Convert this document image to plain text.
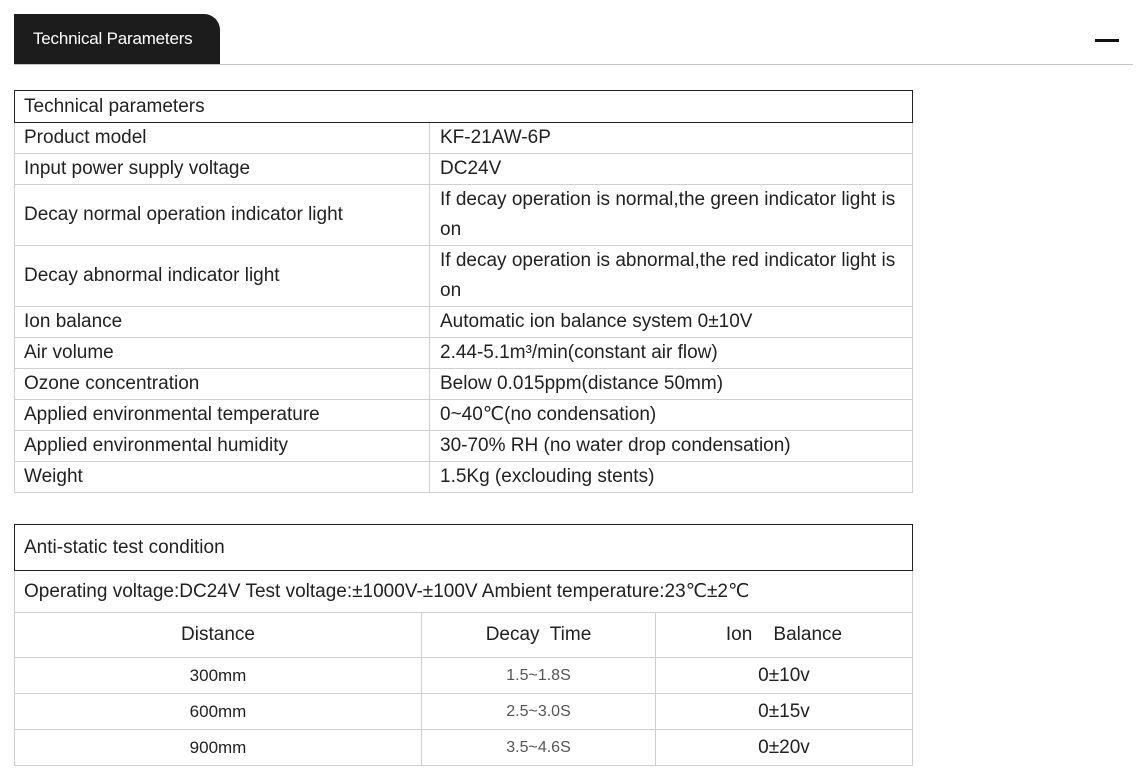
Technical Parameters
Technical parameters	
Product model	KF-21AW-6P
Input power supply voltage	DC24V
Decay normal operation indicator light	If decay operation is normal,the green indicator light is on
Decay abnormal indicator light	If decay operation is abnormal,the red indicator light is on
Ion balance	Automatic ion balance system 0±10V
Air volume	2.44-5.1m³/min(constant air flow)
Ozone concentration	Below 0.015ppm(distance 50mm)
Applied environmental temperature	0~40℃(no condensation)
Applied environmental humidity	30-70% RH (no water drop condensation)
Weight	1.5Kg (exclouding stents)
Anti-static test condition		
Operating voltage:DC24V Test voltage:±1000V-±100V Ambient temperature:23℃±2℃		
Distance	Decay  Time	Ion    Balance
300mm	1.5~1.8S	0±10v
600mm	2.5~3.0S	0±15v
900mm	3.5~4.6S	0±20v
